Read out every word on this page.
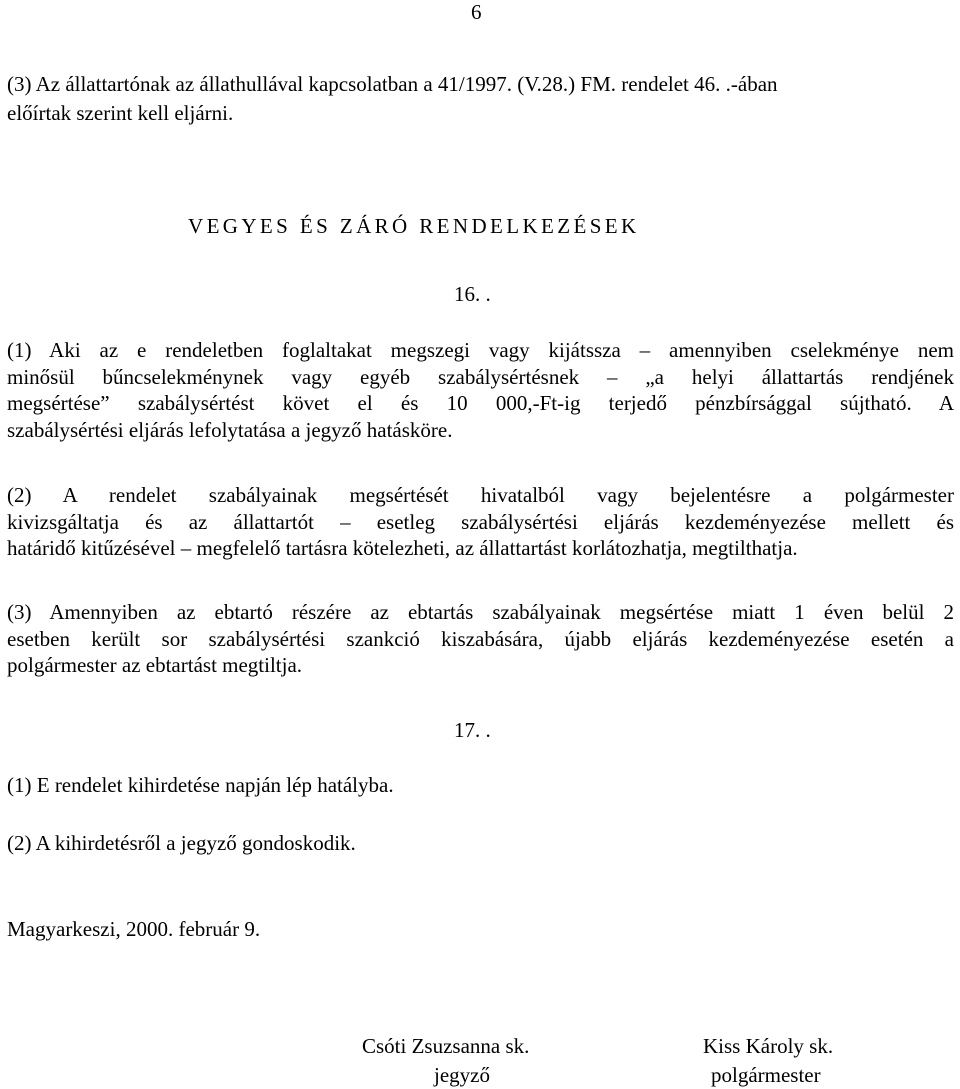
6
(3) Az állattartónak az állathullával kapcsolatban a 41/1997. (V.28.) FM. rendelet 46. .-ában
előírtak szerint kell eljárni.
VEGYES ÉS ZÁRÓ RENDELKEZÉSEK
16. .
(1) Aki az e rendeletben foglaltakat megszegi vagy kijátssza – amennyiben cselekménye nem
minősül bűncselekménynek vagy egyéb szabálysértésnek – „a helyi állattartás rendjének
megsértése” szabálysértést követ el és 10 000,-Ft-ig terjedő pénzbírsággal sújtható. A
szabálysértési eljárás lefolytatása a jegyző hatásköre.
(2) A rendelet szabályainak megsértését hivatalból vagy bejelentésre a polgármester
kivizsgáltatja és az állattartót – esetleg szabálysértési eljárás kezdeményezése mellett és
határidő kitűzésével – megfelelő tartásra kötelezheti, az állattartást korlátozhatja, megtilthatja.
(3) Amennyiben az ebtartó részére az ebtartás szabályainak megsértése miatt 1 éven belül 2
esetben került sor szabálysértési szankció kiszabására, újabb eljárás kezdeményezése esetén a
polgármester az ebtartást megtiltja.
17. .
(1) E rendelet kihirdetése napján lép hatályba.
(2) A kihirdetésről a jegyző gondoskodik.
Magyarkeszi, 2000. február 9.
Csóti Zsuzsanna sk.
jegyző
Kiss Károly sk.
polgármester
